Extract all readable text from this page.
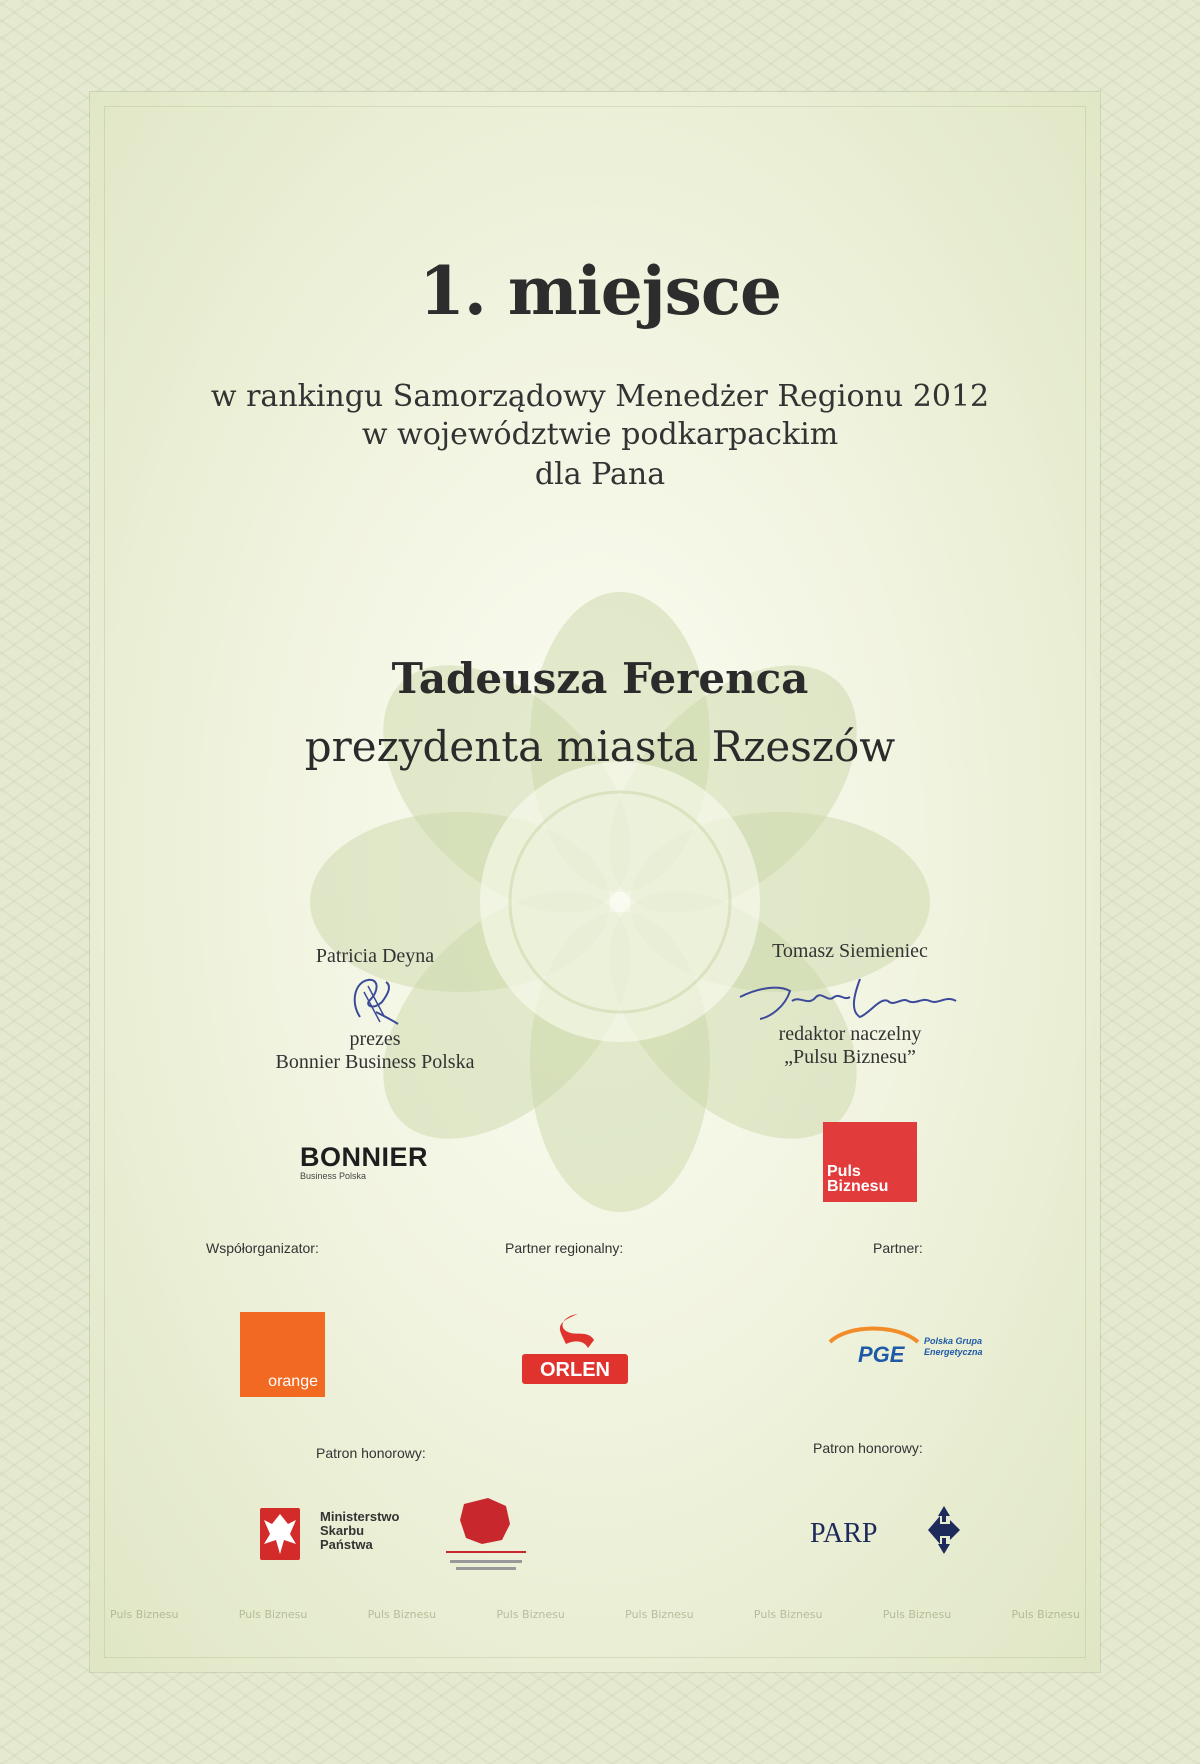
Puls Biznesu	Puls Biznesu	Puls Biznesu	Puls Biznesu	Puls Biznesu	Puls Biznesu	Puls Biznesu	Puls Biznesu
1. miejsce
w rankingu Samorządowy Menedżer Regionu 2012
w województwie podkarpackim
dla Pana
Tadeusza Ferenca
prezydenta miasta Rzeszów
Patricia Deyna
prezes
Bonnier Business Polska
Tomasz Siemieniec
redaktor naczelny
„Pulsu Biznesu”
BONNIER
Business Polska	Puls
Biznesu
Współorganizator:	Partner regionalny:	Partner:
orange
ORLEN
PGE
Polska Grupa
Energetyczna
Patron honorowy:	Patron honorowy:
Ministerstwo
Skarbu
Państwa	PARP
